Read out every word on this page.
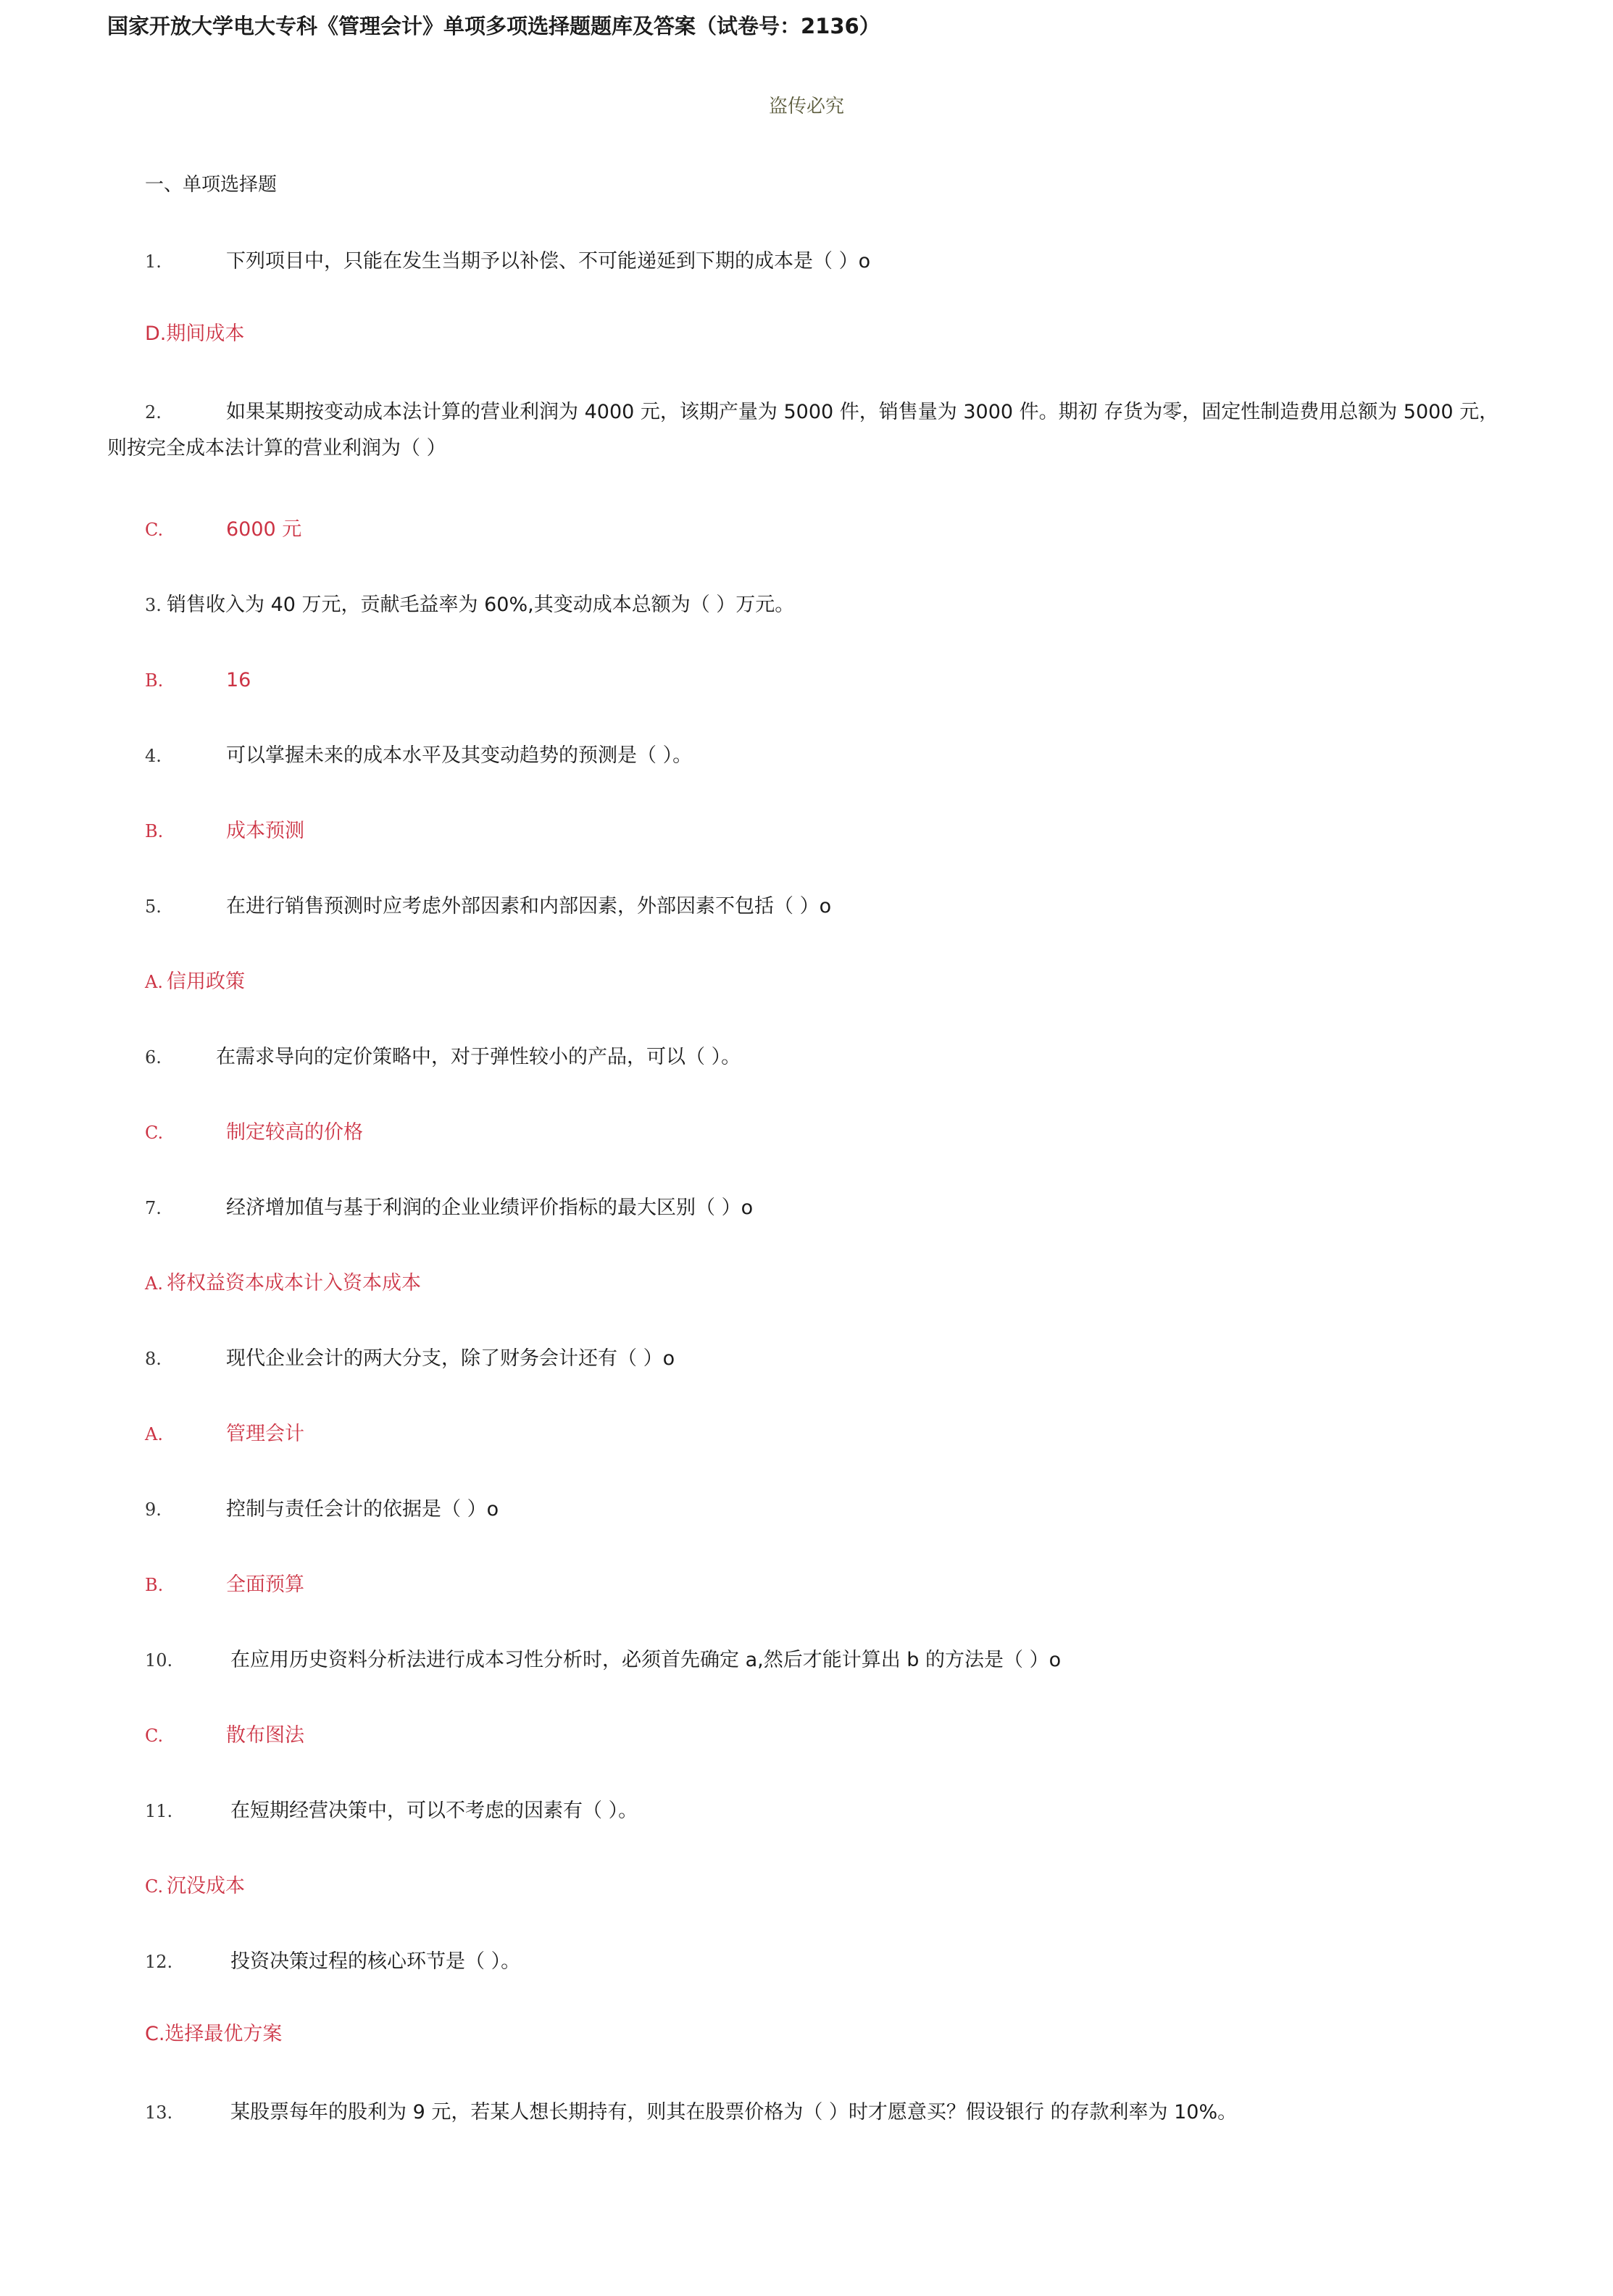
国家开放大学电大专科《管理会计》单项多项选择题题库及答案（试卷号：2136）
盗传必究
一、单项选择题
1.	下列项目中，只能在发生当期予以补偿、不可能递延到下期的成本是（ ）o
D.期间成本
2.	如果某期按变动成本法计算的营业利润为 4000 元，该期产量为 5000 件，销售量为 3000 件。期初 存货为零，固定性制造费用总额为 5000 元，则按完全成本法计算的营业利润为（ ）
C.	6000 元
3. 销售收入为 40 万元，贡献毛益率为 60%,其变动成本总额为（ ）万元。
B.	16
4.	可以掌握未来的成本水平及其变动趋势的预测是（ ）。
B.	成本预测
5.	在进行销售预测时应考虑外部因素和内部因素，外部因素不包括（ ）o
A. 信用政策
6.	在需求导向的定价策略中，对于弹性较小的产品，可以（ ）。
C.	制定较高的价格
7.	经济增加值与基于利润的企业业绩评价指标的最大区别（ ）o
A. 将权益资本成本计入资本成本
8.	现代企业会计的两大分支，除了财务会计还有（ ）o
A.	管理会计
9.	控制与责任会计的依据是（ ）o
B.	全面预算
10.	在应用历史资料分析法进行成本习性分析时，必须首先确定 a,然后才能计算出 b 的方法是（ ）o
C.	散布图法
11.	在短期经营决策中，可以不考虑的因素有（ ）。
C. 沉没成本
12.	投资决策过程的核心环节是（ ）。
C.选择最优方案
13.	某股票每年的股利为 9 元，若某人想长期持有，则其在股票价格为（ ）时才愿意买？假设银行 的存款利率为 10%。
